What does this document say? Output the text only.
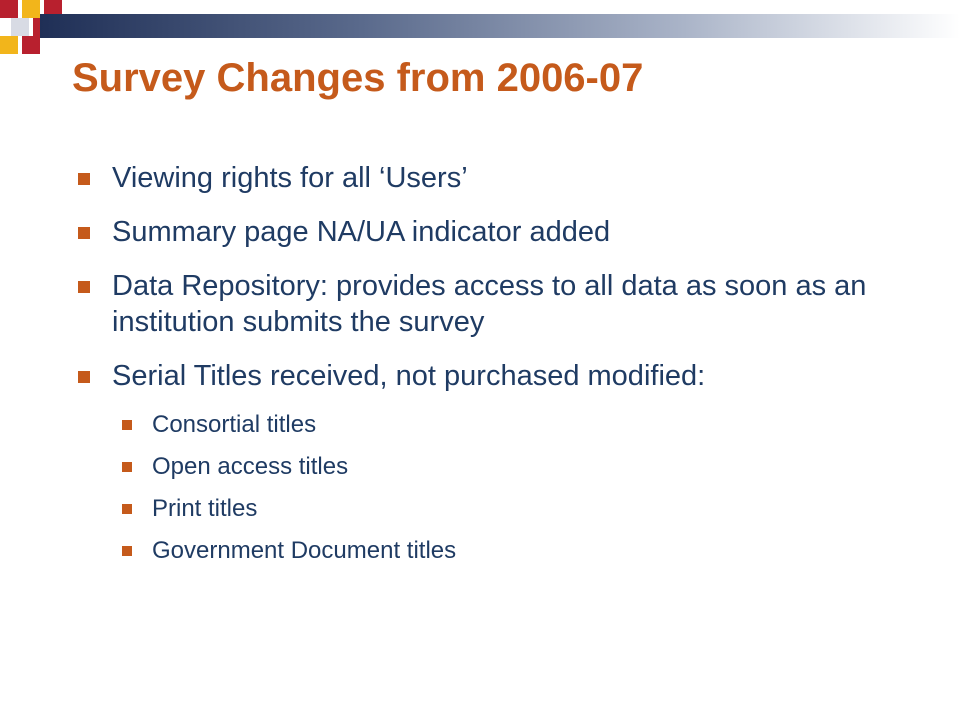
Survey Changes from 2006-07
Viewing rights for all ‘Users’
Summary page NA/UA indicator added
Data Repository: provides access to all data as soon as an institution submits the survey
Serial Titles received, not purchased modified:
Consortial titles
Open access titles
Print titles
Government Document titles
